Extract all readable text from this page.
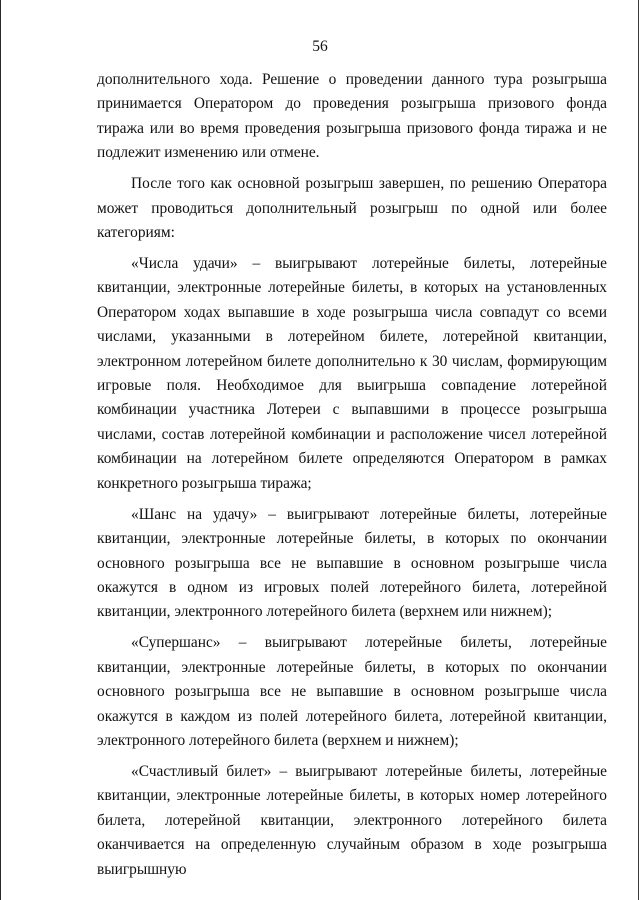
56

дополнительного хода. Решение о проведении данного тура розыгрыша принимается Оператором до проведения розыгрыша призового фонда тиража или во время проведения розыгрыша призового фонда тиража и не подлежит изменению или отмене.

После того как основной розыгрыш завершен, по решению Оператора может проводиться дополнительный розыгрыш по одной или более категориям:

«Числа удачи» – выигрывают лотерейные билеты, лотерейные квитанции, электронные лотерейные билеты, в которых на установленных Оператором ходах выпавшие в ходе розыгрыша числа совпадут со всеми числами, указанными в лотерейном билете, лотерейной квитанции, электронном лотерейном билете дополнительно к 30 числам, формирующим игровые поля. Необходимое для выигрыша совпадение лотерейной комбинации участника Лотереи с выпавшими в процессе розыгрыша числами, состав лотерейной комбинации и расположение чисел лотерейной комбинации на лотерейном билете определяются Оператором в рамках конкретного розыгрыша тиража;

«Шанс на удачу» – выигрывают лотерейные билеты, лотерейные квитанции, электронные лотерейные билеты, в которых по окончании основного розыгрыша все не выпавшие в основном розыгрыше числа окажутся в одном из игровых полей лотерейного билета, лотерейной квитанции, электронного лотерейного билета (верхнем или нижнем);

«Супершанс» – выигрывают лотерейные билеты, лотерейные квитанции, электронные лотерейные билеты, в которых по окончании основного розыгрыша все не выпавшие в основном розыгрыше числа окажутся в каждом из полей лотерейного билета, лотерейной квитанции, электронного лотерейного билета (верхнем и нижнем);

«Счастливый билет» – выигрывают лотерейные билеты, лотерейные квитанции, электронные лотерейные билеты, в которых номер лотерейного билета, лотерейной квитанции, электронного лотерейного билета оканчивается на определенную случайным образом в ходе розыгрыша выигрышную
